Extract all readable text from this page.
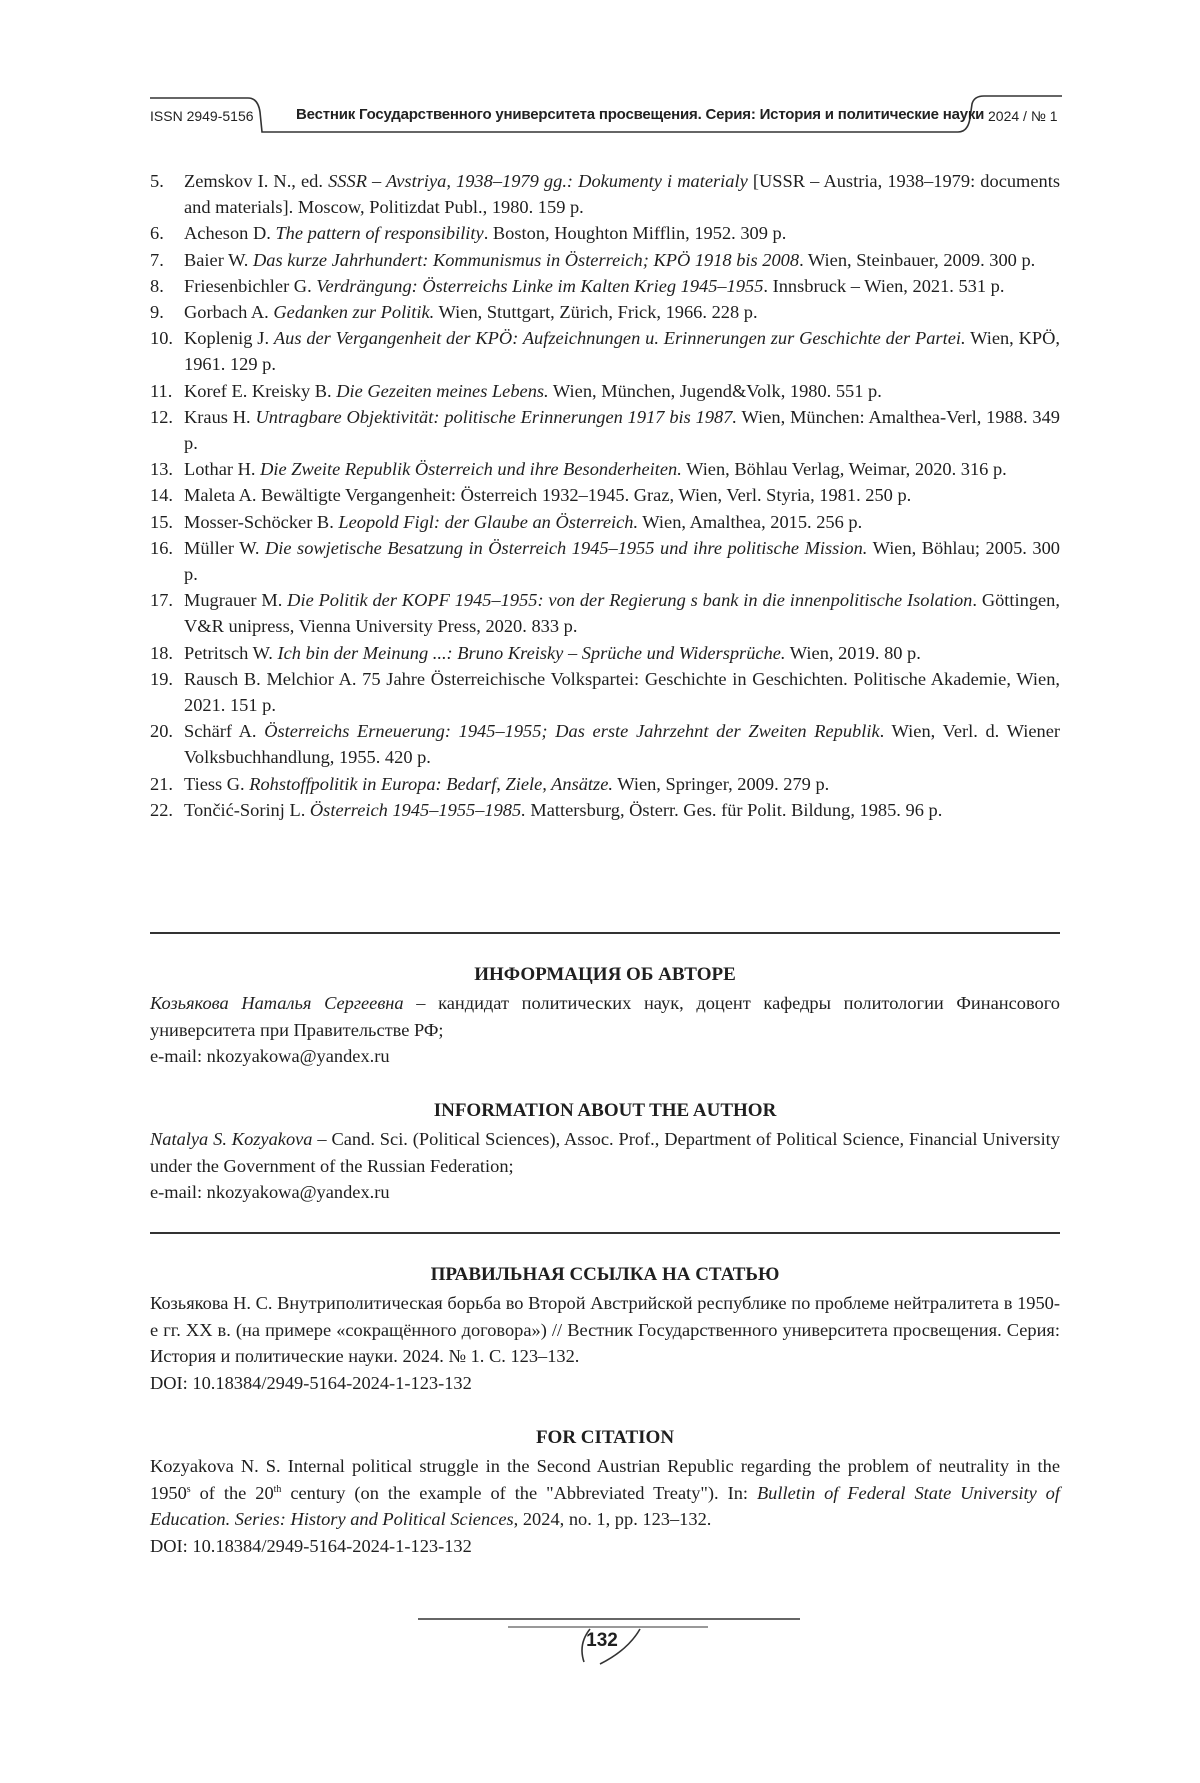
ISSN 2949-5156	Вестник Государственного университета просвещения. Серия: История и политические науки 2024 / № 1
5.	Zemskov I. N., ed. SSSR – Avstriya, 1938–1979 gg.: Dokumenty i materialy [USSR – Austria, 1938–1979: documents and materials]. Moscow, Politizdat Publ., 1980. 159 p.
6.	Acheson D. The pattern of responsibility. Boston, Houghton Mifflin, 1952. 309 p.
7.	Baier W. Das kurze Jahrhundert: Kommunismus in Österreich; KPÖ 1918 bis 2008. Wien, Steinbauer, 2009. 300 p.
8.	Friesenbichler G. Verdrängung: Österreichs Linke im Kalten Krieg 1945–1955. Innsbruck – Wien, 2021. 531 p.
9.	Gorbach A. Gedanken zur Politik. Wien, Stuttgart, Zürich, Frick, 1966. 228 p.
10. Koplenig J. Aus der Vergangenheit der KPÖ: Aufzeichnungen u. Erinnerungen zur Geschichte der Partei. Wien, KPÖ, 1961. 129 p.
11. Koref E. Kreisky B. Die Gezeiten meines Lebens. Wien, München, Jugend&Volk, 1980. 551 p.
12. Kraus H. Untragbare Objektivität: politische Erinnerungen 1917 bis 1987. Wien, München: Amalthea-Verl, 1988. 349 p.
13. Lothar H. Die Zweite Republik Österreich und ihre Besonderheiten. Wien, Böhlau Verlag, Weimar, 2020. 316 p.
14. Maleta A. Bewältigte Vergangenheit: Österreich 1932–1945. Graz, Wien, Verl. Styria, 1981. 250 p.
15. Mosser-Schöcker B. Leopold Figl: der Glaube an Österreich. Wien, Amalthea, 2015. 256 p.
16. Müller W. Die sowjetische Besatzung in Österreich 1945–1955 und ihre politische Mission. Wien, Böhlau; 2005. 300 p.
17. Mugrauer M. Die Politik der KOPF 1945–1955: von der Regierung s bank in die innenpolitische Isolation. Göttingen, V&R unipress, Vienna University Press, 2020. 833 p.
18. Petritsch W. Ich bin der Meinung ...: Bruno Kreisky – Sprüche und Widersprüche. Wien, 2019. 80 p.
19. Rausch B. Melchior A. 75 Jahre Österreichische Volkspartei: Geschichte in Geschichten. Politische Akademie, Wien, 2021. 151 p.
20. Schärf A. Österreichs Erneuerung: 1945–1955; Das erste Jahrzehnt der Zweiten Republik. Wien, Verl. d. Wiener Volksbuchhandlung, 1955. 420 p.
21. Tiess G. Rohstoffpolitik in Europa: Bedarf, Ziele, Ansätze. Wien, Springer, 2009. 279 p.
22. Tončić-Sorinj L. Österreich 1945–1955–1985. Mattersburg, Österr. Ges. für Polit. Bildung, 1985. 96 p.
ИНФОРМАЦИЯ ОБ АВТОРЕ

Козьякова Наталья Сергеевна – кандидат политических наук, доцент кафедры политологии Финансового университета при Правительстве РФ;

e-mail: nkozyakowa@yandex.ru

INFORMATION ABOUT THE AUTHOR

Natalya S. Kozyakova – Cand. Sci. (Political Sciences), Assoc. Prof., Department of Political Science, Financial University under the Government of the Russian Federation;

e-mail: nkozyakowa@yandex.ru

ПРАВИЛЬНАЯ ССЫЛКА НА СТАТЬЮ

Козьякова Н. С. Внутриполитическая борьба во Второй Австрийской республике по проблеме нейтралитета в 1950-е гг. XX в. (на примере «сокращённого договора») // Вестник Государственного университета просвещения. Серия: История и политические науки. 2024. № 1. С. 123–132.

DOI: 10.18384/2949-5164-2024-1-123-132

FOR CITATION

Kozyakova N. S. Internal political struggle in the Second Austrian Republic regarding the problem of neutrality in the 1950$^s$ of the 20th century (on the example of the "Abbreviated Treaty"). In: Bulletin of Federal State University of Education. Series: History and Political Sciences, 2024, no. 1, pp. 123–132.

DOI: 10.18384/2949-5164-2024-1-123-132

132
